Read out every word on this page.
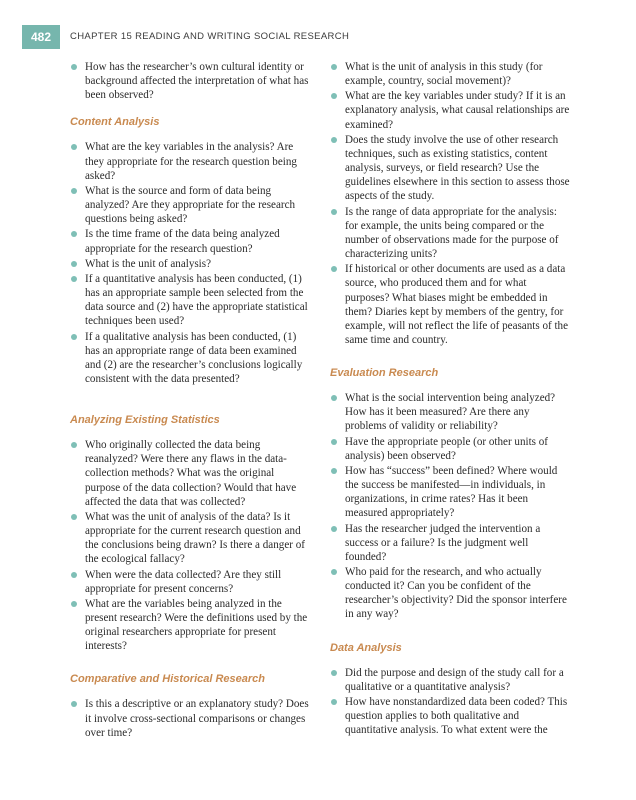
482	CHAPTER 15 READING AND WRITING SOCIAL RESEARCH
How has the researcher’s own cultural identity or background affected the interpretation of what has been observed?
Content Analysis
What are the key variables in the analysis? Are they appropriate for the research question being asked?
What is the source and form of data being analyzed? Are they appropriate for the research questions being asked?
Is the time frame of the data being analyzed appropriate for the research question?
What is the unit of analysis?
If a quantitative analysis has been conducted, (1) has an appropriate sample been selected from the data source and (2) have the appropriate statistical techniques been used?
If a qualitative analysis has been conducted, (1) has an appropriate range of data been examined and (2) are the researcher’s conclusions logically consistent with the data presented?
Analyzing Existing Statistics
Who originally collected the data being reanalyzed? Were there any flaws in the data-collection methods? What was the original purpose of the data collection? Would that have affected the data that was collected?
What was the unit of analysis of the data? Is it appropriate for the current research question and the conclusions being drawn? Is there a danger of the ecological fallacy?
When were the data collected? Are they still appropriate for present concerns?
What are the variables being analyzed in the present research? Were the definitions used by the original researchers appropriate for present interests?
Comparative and Historical Research
Is this a descriptive or an explanatory study? Does it involve cross-sectional comparisons or changes over time?
What is the unit of analysis in this study (for example, country, social movement)?
What are the key variables under study? If it is an explanatory analysis, what causal relationships are examined?
Does the study involve the use of other research techniques, such as existing statistics, content analysis, surveys, or field research? Use the guidelines elsewhere in this section to assess those aspects of the study.
Is the range of data appropriate for the analysis: for example, the units being compared or the number of observations made for the purpose of characterizing units?
If historical or other documents are used as a data source, who produced them and for what purposes? What biases might be embedded in them? Diaries kept by members of the gentry, for example, will not reflect the life of peasants of the same time and country.
Evaluation Research
What is the social intervention being analyzed? How has it been measured? Are there any problems of validity or reliability?
Have the appropriate people (or other units of analysis) been observed?
How has “success” been defined? Where would the success be manifested—in individuals, in organizations, in crime rates? Has it been measured appropriately?
Has the researcher judged the intervention a success or a failure? Is the judgment well founded?
Who paid for the research, and who actually conducted it? Can you be confident of the researcher’s objectivity? Did the sponsor interfere in any way?
Data Analysis
Did the purpose and design of the study call for a qualitative or a quantitative analysis?
How have nonstandardized data been coded? This question applies to both qualitative and quantitative analysis. To what extent were the
